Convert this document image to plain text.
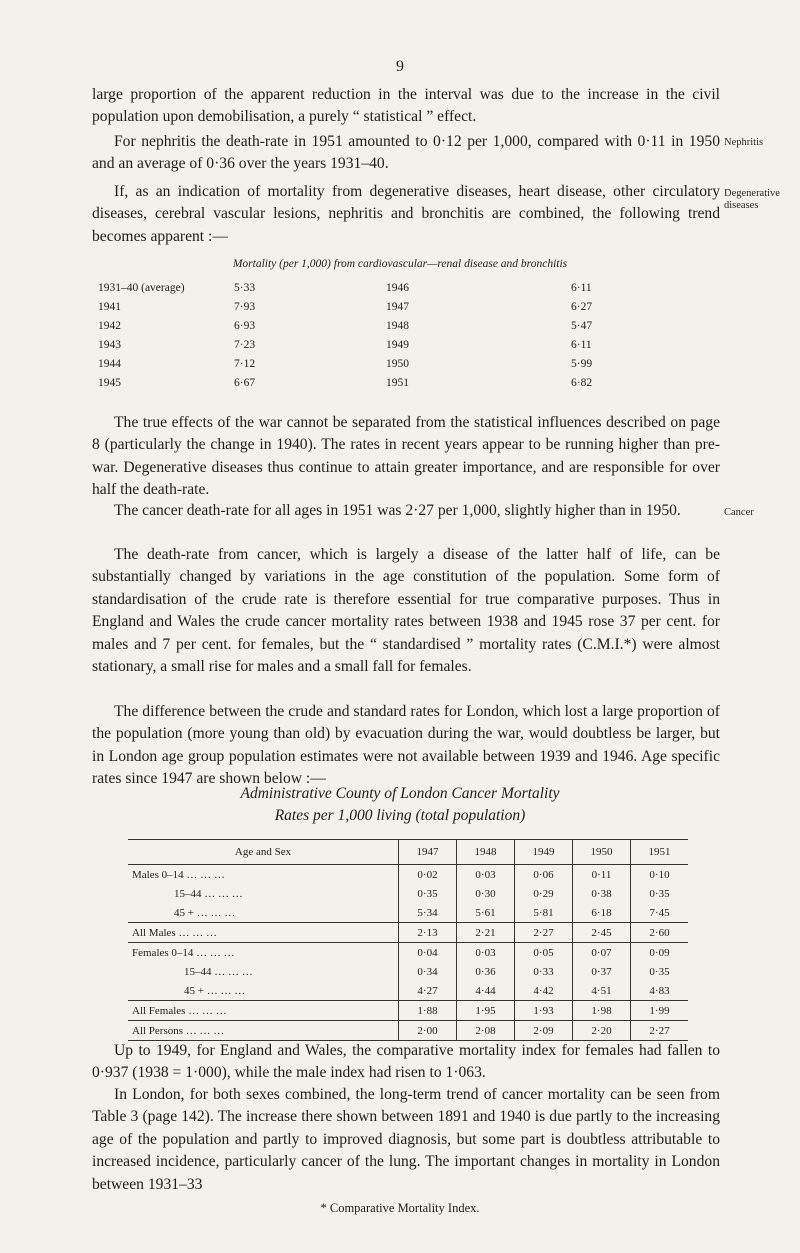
9

large proportion of the apparent reduction in the interval was due to the increase in the civil population upon demobilisation, a purely “ statistical ” effect.

For nephritis the death-rate in 1951 amounted to 0·12 per 1,000, compared with 0·11 in 1950 and an average of 0·36 over the years 1931–40.

If, as an indication of mortality from degenerative diseases, heart disease, other circulatory diseases, cerebral vascular lesions, nephritis and bronchitis are combined, the following trend becomes apparent :—

Nephritis
Degenerative diseases
Mortality (per 1,000) from cardiovascular—renal disease and bronchitis
1931–40 (average)	5·33	1946	6·11
1941	7·93	1947	6·27
1942	6·93	1948	5·47
1943	7·23	1949	6·11
1944	7·12	1950	5·99
1945	6·67	1951	6·82

The true effects of the war cannot be separated from the statistical influences described on page 8 (particularly the change in 1940). The rates in recent years appear to be running higher than pre-war. Degenerative diseases thus continue to attain greater importance, and are responsible for over half the death-rate.

The cancer death-rate for all ages in 1951 was 2·27 per 1,000, slightly higher than in 1950.	Cancer

The death-rate from cancer, which is largely a disease of the latter half of life, can be substantially changed by variations in the age constitution of the population. Some form of standardisation of the crude rate is therefore essential for true comparative purposes. Thus in England and Wales the crude cancer mortality rates between 1938 and 1945 rose 37 per cent. for males and 7 per cent. for females, but the “ standardised ” mortality rates (C.M.I.*) were almost stationary, a small rise for males and a small fall for females.

The difference between the crude and standard rates for London, which lost a large proportion of the population (more young than old) by evacuation during the war, would doubtless be larger, but in London age group population estimates were not available between 1939 and 1946. Age specific rates since 1947 are shown below :—

Administrative County of London Cancer Mortality
Rates per 1,000 living (total population)
Age and Sex	1947	1948	1949	1950	1951
Males 0–14 … … …	0·02	0·03	0·06	0·11	0·10
15–44 … … …	0·35	0·30	0·29	0·38	0·35
45 + … … …	5·34	5·61	5·81	6·18	7·45
All Males … … …	2·13	2·21	2·27	2·45	2·60
Females 0–14 … … …	0·04	0·03	0·05	0·07	0·09
15–44 … … …	0·34	0·36	0·33	0·37	0·35
45 + … … …	4·27	4·44	4·42	4·51	4·83
All Females … … …	1·88	1·95	1·93	1·98	1·99
All Persons … … …	2·00	2·08	2·09	2·20	2·27

Up to 1949, for England and Wales, the comparative mortality index for females had fallen to 0·937 (1938 = 1·000), while the male index had risen to 1·063.

In London, for both sexes combined, the long-term trend of cancer mortality can be seen from Table 3 (page 142). The increase there shown between 1891 and 1940 is due partly to the increasing age of the population and partly to improved diagnosis, but some part is doubtless attributable to increased incidence, particularly cancer of the lung. The important changes in mortality in London between 1931–33

* Comparative Mortality Index.
